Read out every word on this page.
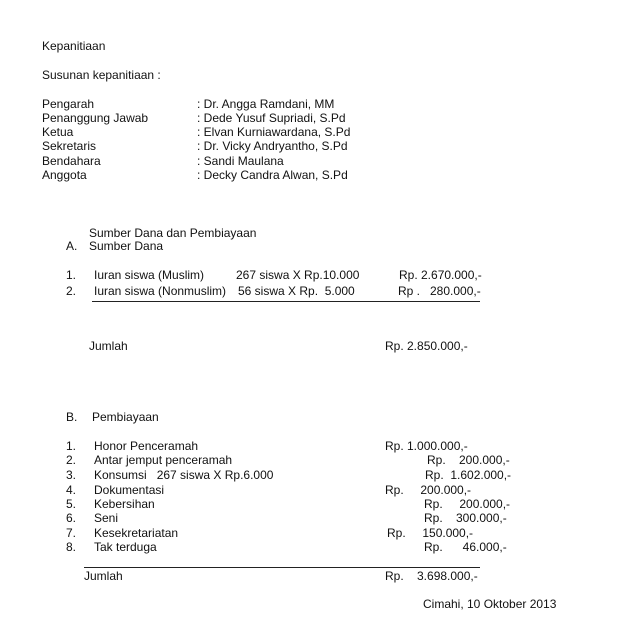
Kepanitiaan
Susunan kepanitiaan :
Pengarah	: Dr. Angga Ramdani, MM
Penanggung Jawab	: Dede Yusuf Supriadi, S.Pd
Ketua	: Elvan Kurniawardana, S.Pd
Sekretaris	: Dr. Vicky Andryantho, S.Pd
Bendahara	: Sandi Maulana
Anggota	: Decky Candra Alwan, S.Pd
Sumber Dana dan Pembiayaan
A. Sumber Dana
1. Iuran siswa (Muslim)	267 siswa X Rp.10.000	Rp. 2.670.000,-
2. Iuran siswa (Nonmuslim) 56 siswa X Rp.  5.000	Rp .   280.000,-
Jumlah	Rp. 2.850.000,-
B. Pembiayaan
1. Honor Penceramah	Rp. 1.000.000,-
2. Antar jemput penceramah	Rp.    200.000,-
3. Konsumsi   267 siswa X Rp.6.000	Rp.  1.602.000,-
4. Dokumentasi	Rp.     200.000,-
5. Kebersihan	Rp.     200.000,-
6. Seni	Rp.    300.000,-
7. Kesekretariatan	Rp.     150.000,-
8. Tak terduga	Rp.      46.000,-
Jumlah	Rp.    3.698.000,-
Cimahi, 10 Oktober 2013
